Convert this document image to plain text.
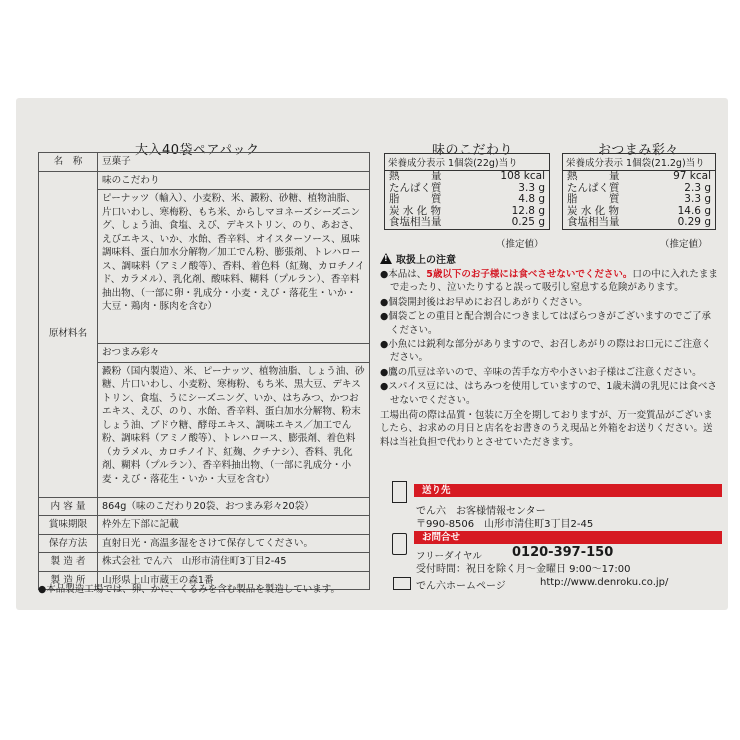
大入40袋ペアパック	味のこだわり	おつまみ彩々
名　称	豆菓子
原材料名	味のこだわり
ピーナッツ（輸入）、小麦粉、米、澱粉、砂糖、植物油脂、片口いわし、寒梅粉、もち米、からしマヨネーズシーズニング、しょう油、食塩、えび、デキストリン、のり、あおさ、えびエキス、いか、水飴、香辛料、オイスターソース、風味調味料、蛋白加水分解物／加工でん粉、膨張剤、トレハロース、調味料（アミノ酸等）、香料、着色料（紅麹、カロチノイド、カラメル）、乳化剤、酸味料、糊料（プルラン）、香辛料抽出物、（一部に卵・乳成分・小麦・えび・落花生・いか・大豆・鶏肉・豚肉を含む）
おつまみ彩々
澱粉（国内製造）、米、ピーナッツ、植物油脂、しょう油、砂糖、片口いわし、小麦粉、寒梅粉、もち米、黒大豆、デキストリン、食塩、うにシーズニング、いか、はちみつ、かつおエキス、えび、のり、水飴、香辛料、蛋白加水分解物、粉末しょう油、ブドウ糖、酵母エキス、調味エキス／加工でん粉、調味料（アミノ酸等）、トレハロース、膨張剤、着色料（カラメル、カロチノイド、紅麹、クチナシ）、香料、乳化剤、糊料（プルラン）、香辛料抽出物、（一部に乳成分・小麦・えび・落花生・いか・大豆を含む）

内 容 量	864g（味のこだわり20袋、おつまみ彩々20袋）
賞味期限	枠外左下部に記載
保存方法	直射日光・高温多湿をさけて保存してください。
製 造 者	株式会社 でん六　山形市清住町3丁目2-45
製 造 所	山形県上山市蔵王の森1番
●本品製造工場では、卵、かに、くるみを含む製品を製造しています。
栄養成分表示 1個袋(22g)当り
熱　　　量	108 kcal
たんぱく質	3.3 g
脂　　　質	4.8 g
炭 水 化 物	12.8 g
食塩相当量	0.25 g
（推定値）
栄養成分表示 1個袋(21.2g)当り
熱　　　量	97 kcal
たんぱく質	2.3 g
脂　　　質	3.3 g
炭 水 化 物	14.6 g
食塩相当量	0.29 g
（推定値）
!
取扱上の注意
●本品は、5歳以下のお子様には食べさせないでください。口の中に入れたままで走ったり、泣いたりすると誤って吸引し窒息する危険があります。
●個袋開封後はお早めにお召しあがりください。
●個袋ごとの重目と配合割合につきましてはばらつきがございますのでご了承ください。
●小魚には鋭利な部分がありますので、お召しあがりの際はお口元にご注意ください。
●鷹の爪豆は辛いので、辛味の苦手な方や小さいお子様はご注意ください。
●スパイス豆には、はちみつを使用していますので、1歳未満の乳児には食べさせないでください。
工場出荷の際は品質・包装に万全を期しておりますが、万一変質品がございましたら、お求めの月日と店名をお書きのうえ現品と外箱をお送りください。送料は当社負担で代わりとさせていただきます。
送り先
でん六　お客様情報センター
〒990-8506　山形市清住町3丁目2-45
お問合せ
フリーダイヤル 0120-397-150
受付時間：祝日を除く月～金曜日 9:00～17:00
でん六ホームページ	http://www.denroku.co.jp/
